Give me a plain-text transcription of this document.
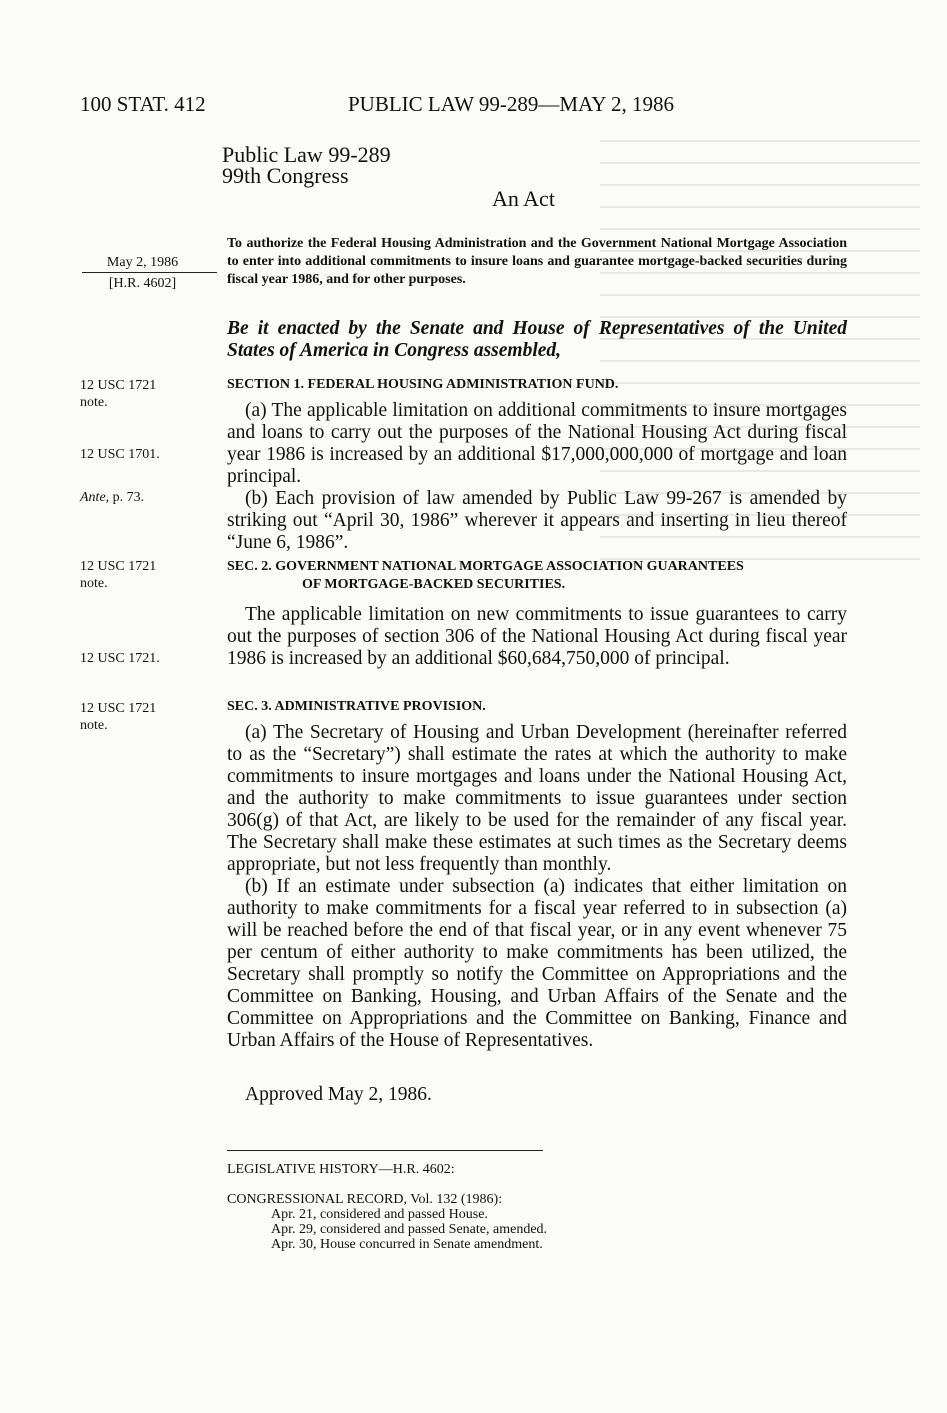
100 STAT. 412	PUBLIC LAW 99-289—MAY 2, 1986
Public Law 99-289
99th Congress
An Act
May 2, 1986
[H.R. 4602]
To authorize the Federal Housing Administration and the Government National Mortgage Association to enter into additional commitments to insure loans and guarantee mortgage-backed securities during fiscal year 1986, and for other purposes.
Be it enacted by the Senate and House of Representatives of the United States of America in Congress assembled,
12 USC 1721
note.
SECTION 1. FEDERAL HOUSING ADMINISTRATION FUND.

(a) The applicable limitation on additional commitments to insure mortgages and loans to carry out the purposes of the National Housing Act during fiscal year 1986 is increased by an additional $17,000,000,000 of mortgage and loan principal.

(b) Each provision of law amended by Public Law 99-267 is amended by striking out “April 30, 1986” wherever it appears and inserting in lieu thereof “June 6, 1986”.

12 USC 1701.
Ante, p. 73.
12 USC 1721
note.
SEC. 2. GOVERNMENT NATIONAL MORTGAGE ASSOCIATION GUARANTEES
OF MORTGAGE-BACKED SECURITIES.

The applicable limitation on new commitments to issue guarantees to carry out the purposes of section 306 of the National Housing Act during fiscal year 1986 is increased by an additional $60,684,750,000 of principal.

12 USC 1721.
12 USC 1721
note.
SEC. 3. ADMINISTRATIVE PROVISION.

(a) The Secretary of Housing and Urban Development (hereinafter referred to as the “Secretary”) shall estimate the rates at which the authority to make commitments to insure mortgages and loans under the National Housing Act, and the authority to make commitments to issue guarantees under section 306(g) of that Act, are likely to be used for the remainder of any fiscal year. The Secretary shall make these estimates at such times as the Secretary deems appropriate, but not less frequently than monthly.

(b) If an estimate under subsection (a) indicates that either limitation on authority to make commitments for a fiscal year referred to in subsection (a) will be reached before the end of that fiscal year, or in any event whenever 75 per centum of either authority to make commitments has been utilized, the Secretary shall promptly so notify the Committee on Appropriations and the Committee on Banking, Housing, and Urban Affairs of the Senate and the Committee on Appropriations and the Committee on Banking, Finance and Urban Affairs of the House of Representatives.

Approved May 2, 1986.
LEGISLATIVE HISTORY—H.R. 4602:
CONGRESSIONAL RECORD, Vol. 132 (1986):
Apr. 21, considered and passed House.
Apr. 29, considered and passed Senate, amended.
Apr. 30, House concurred in Senate amendment.
